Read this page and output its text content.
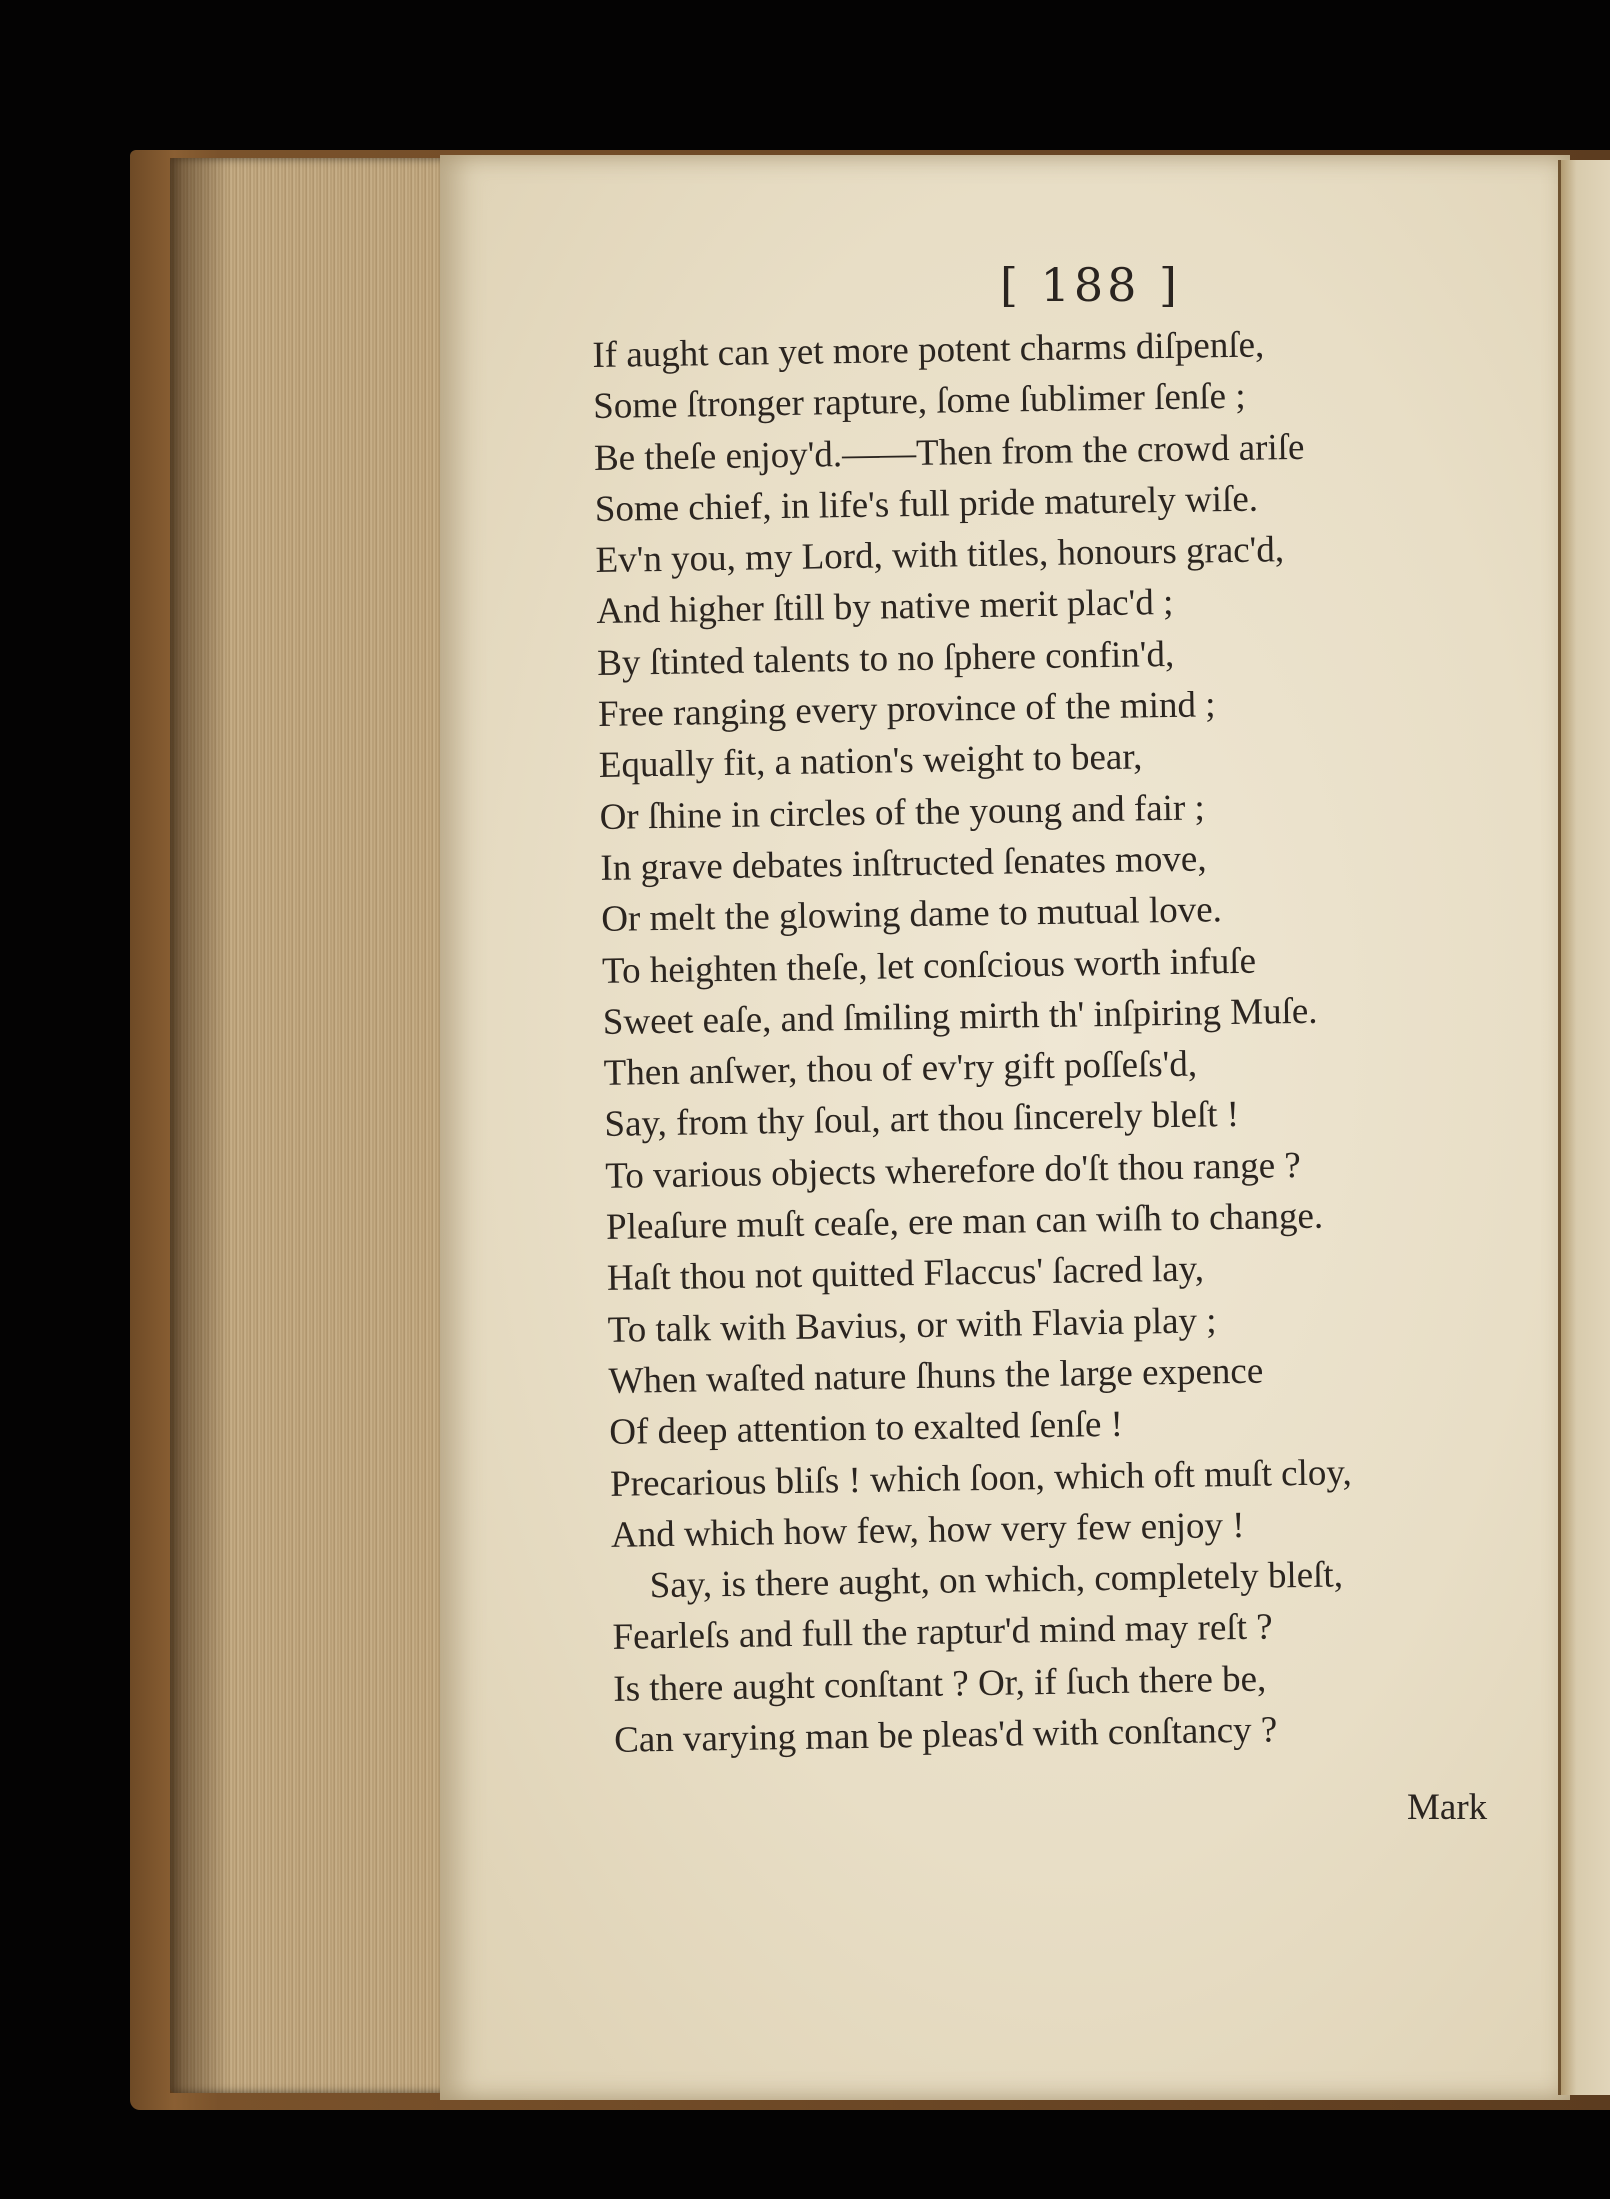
[ 188 ]
If aught can yet more potent charms diſpenſe,
Some ſtronger rapture, ſome ſublimer ſenſe ;
Be theſe enjoy'd.——Then from the crowd ariſe
Some chief, in life's full pride maturely wiſe.
Ev'n you, my Lord, with titles, honours grac'd,
And higher ſtill by native merit plac'd ;
By ſtinted talents to no ſphere confin'd,
Free ranging every province of the mind ;
Equally fit, a nation's weight to bear,
Or ſhine in circles of the young and fair ;
In grave debates inſtructed ſenates move,
Or melt the glowing dame to mutual love.
To heighten theſe, let conſcious worth infuſe
Sweet eaſe, and ſmiling mirth th' inſpiring Muſe.
Then anſwer, thou of ev'ry gift poſſeſs'd,
Say, from thy ſoul, art thou ſincerely bleſt !
To various objects wherefore do'ſt thou range ?
Pleaſure muſt ceaſe, ere man can wiſh to change.
Haſt thou not quitted Flaccus' ſacred lay,
To talk with Bavius, or with Flavia play ;
When waſted nature ſhuns the large expence
Of deep attention to exalted ſenſe !
Precarious bliſs ! which ſoon, which oft muſt cloy,
And which how few, how very few enjoy !
Say, is there aught, on which, completely bleſt,
Fearleſs and full the raptur'd mind may reſt ?
Is there aught conſtant ? Or, if ſuch there be,
Can varying man be pleas'd with conſtancy ?
Mark
